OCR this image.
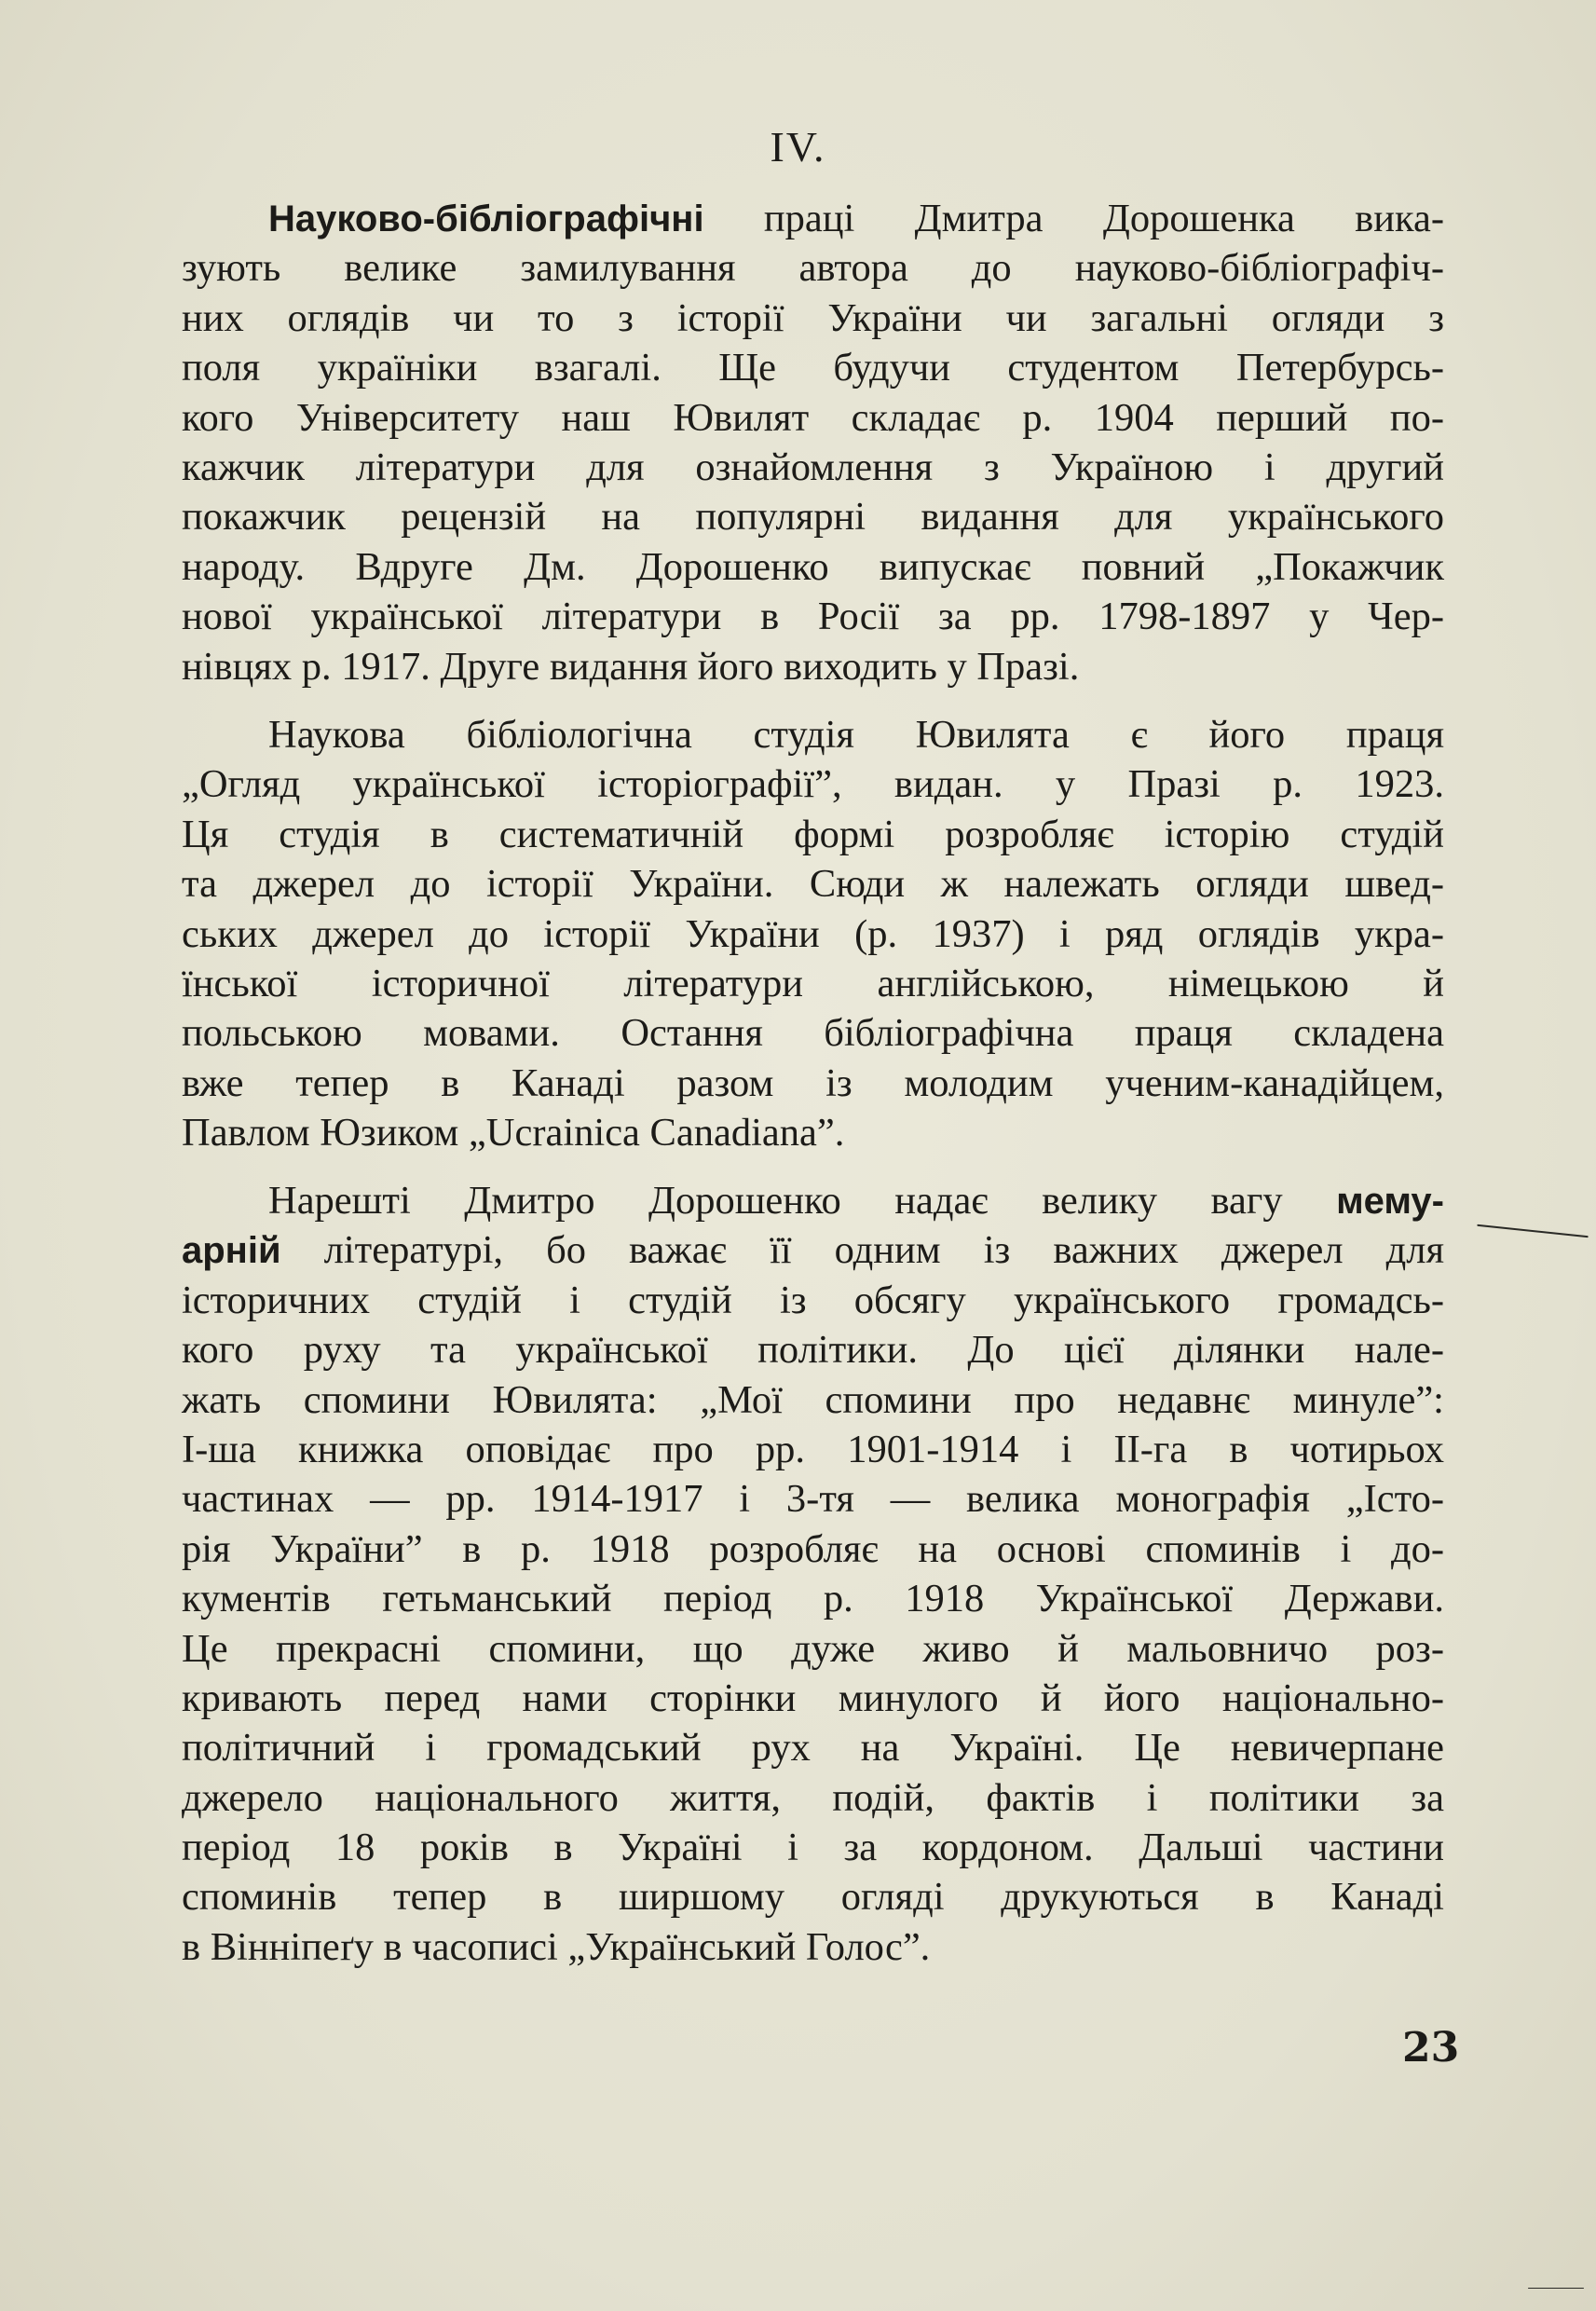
IV.
Науково-бібліографічні праці Дмитра Дорошенка вика-
зують велике замилування автора до науково-бібліографіч-
них оглядів чи то з історії України чи загальні огляди з
поля україніки взагалі. Ще будучи студентом Петербурсь-
кого Університету наш Ювилят складає р. 1904 перший по-
кажчик літератури для ознайомлення з Україною і другий
покажчик рецензій на популярні видання для українського
народу. Вдруге Дм. Дорошенко випускає повний „Покажчик
нової української літератури в Росії за рр. 1798-1897 у Чер-
нівцях р. 1917. Друге видання його виходить у Празі.
Наукова бібліологічна студія Ювилята є його праця
„Огляд української історіографії”, видан. у Празі р. 1923.
Ця студія в систематичній формі розробляє історію студій
та джерел до історії України. Сюди ж належать огляди швед-
ських джерел до історії України (р. 1937) і ряд оглядів укра-
їнської історичної літератури англійською, німецькою й
польською мовами. Остання бібліографічна праця складена
вже тепер в Канаді разом із молодим учeним-канадійцем,
Павлом Юзиком „Ucrainica Canadiana”.
Нарешті Дмитро Дорошенко надає велику вагу мему-
арній літературі, бо важає її одним із важних джерел для
історичних студій і студій із обсягу українського громадсь-
кого руху та української політики. До цієї ділянки нале-
жать спомини Ювилята: „Мої спомини про недавнє минуле”:
I-ша книжка оповідає про рр. 1901-1914 і II-га в чотирьох
частинах — рр. 1914-1917 і 3-тя — велика монографія „Істо-
рія України” в р. 1918 розробляє на основі споминів і до-
кументів гетьманський період р. 1918 Української Держави.
Це прекрасні спомини, що дуже живо й мальовничо роз-
кривають перед нами сторінки минулого й його національно-
політичний і громадський рух на Україні. Це невичерпане
джерело національного життя, подій, фактів і політики за
період 18 років в Україні і за кордоном. Дальші частини
споминів тепер в ширшому огляді друкуються в Канаді
в Вінніпеґу в часописі „Український Голос”.
23
